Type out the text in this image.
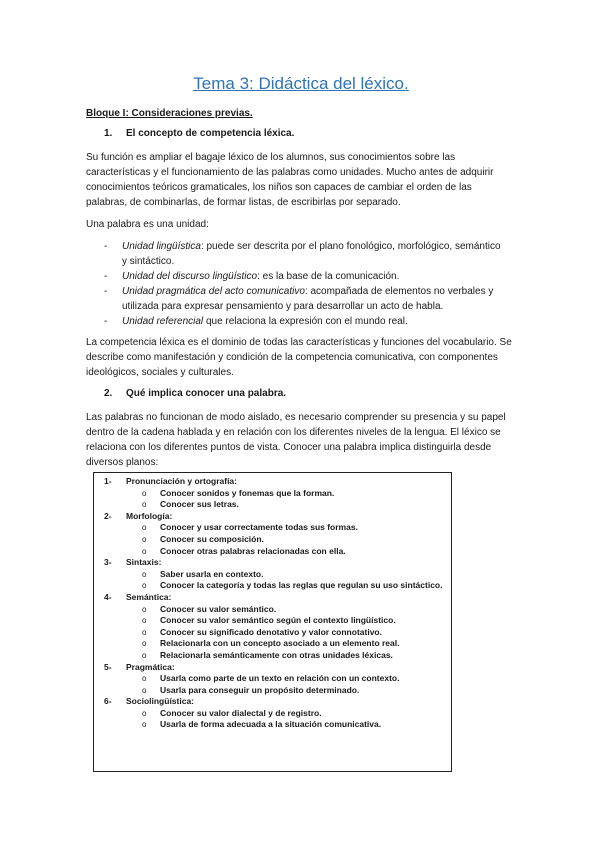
Tema 3: Didáctica del léxico.
Bloque I: Consideraciones previas.
1. El concepto de competencia léxica.
Su función es ampliar el bagaje léxico de los alumnos, sus conocimientos sobre las
características y el funcionamiento de las palabras como unidades. Mucho antes de adquirir
conocimientos teóricos gramaticales, los niños son capaces de cambiar el orden de las
palabras, de combinarlas, de formar listas, de escribirlas por separado.
Una palabra es una unidad:
- Unidad lingüística: puede ser descrita por el plano fonológico, morfológico, semántico
y sintáctico.
- Unidad del discurso lingüístico: es la base de la comunicación.
- Unidad pragmática del acto comunicativo: acompañada de elementos no verbales y
utilizada para expresar pensamiento y para desarrollar un acto de habla.
- Unidad referencial que relaciona la expresión con el mundo real.
La competencia léxica es el dominio de todas las características y funciones del vocabulario. Se
describe como manifestación y condición de la competencia comunicativa, con componentes
ideológicos, sociales y culturales.
2. Qué implica conocer una palabra.
Las palabras no funcionan de modo aislado, es necesario comprender su presencia y su papel
dentro de la cadena hablada y en relación con los diferentes niveles de la lengua. El léxico se
relaciona con los diferentes puntos de vista. Conocer una palabra implica distinguirla desde
diversos planos:
1- Pronunciación y ortografía:
o Conocer sonidos y fonemas que la forman.
o Conocer sus letras.
2- Morfología:
o Conocer y usar correctamente todas sus formas.
o Conocer su composición.
o Conocer otras palabras relacionadas con ella.
3- Sintaxis:
o Saber usarla en contexto.
o Conocer la categoría y todas las reglas que regulan su uso sintáctico.
4- Semántica:
o Conocer su valor semántico.
o Conocer su valor semántico según el contexto lingüístico.
o Conocer su significado denotativo y valor connotativo.
o Relacionarla con un concepto asociado a un elemento real.
o Relacionarla semánticamente con otras unidades léxicas.
5- Pragmática:
o Usarla como parte de un texto en relación con un contexto.
o Usarla para conseguir un propósito determinado.
6- Sociolingüística:
o Conocer su valor dialectal y de registro.
o Usarla de forma adecuada a la situación comunicativa.
